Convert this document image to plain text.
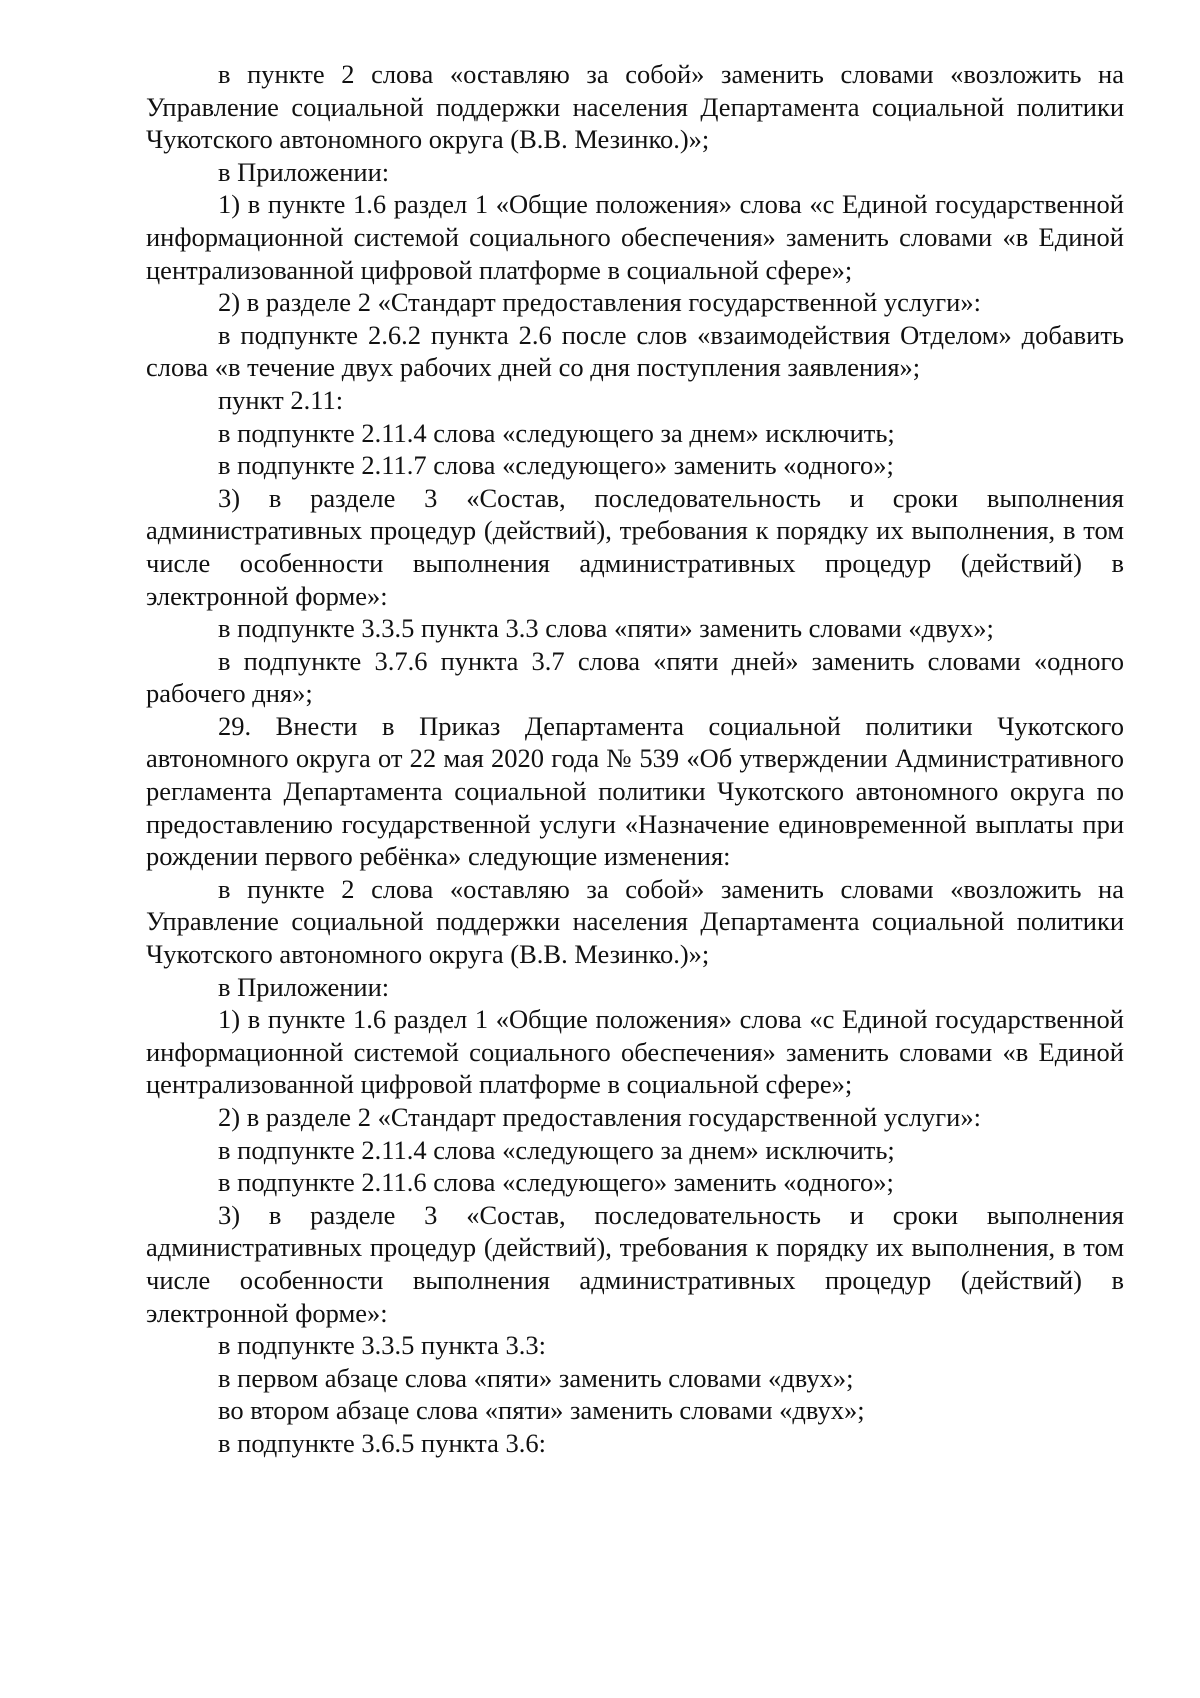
в пункте 2 слова «оставляю за собой» заменить словами «возложить на Управление социальной поддержки населения Департамента социальной политики Чукотского автономного округа (В.В. Мезинко.)»;

в Приложении:

1) в пункте 1.6 раздел 1 «Общие положения» слова «с Единой государственной информационной системой социального обеспечения» заменить словами «в Единой централизованной цифровой платформе в социальной сфере»;

2) в разделе 2 «Стандарт предоставления государственной услуги»:

в подпункте 2.6.2 пункта 2.6 после слов «взаимодействия Отделом» добавить слова «в течение двух рабочих дней со дня поступления заявления»;

пункт 2.11:

в подпункте 2.11.4 слова «следующего за днем» исключить;

в подпункте 2.11.7 слова «следующего» заменить «одного»;

3) в разделе 3 «Состав, последовательность и сроки выполнения административных процедур (действий), требования к порядку их выполнения, в том числе особенности выполнения административных процедур (действий) в электронной форме»:

в подпункте 3.3.5 пункта 3.3 слова «пяти» заменить словами «двух»;

в подпункте 3.7.6 пункта 3.7 слова «пяти дней» заменить словами «одного рабочего дня»;

29. Внести в Приказ Департамента социальной политики Чукотского автономного округа от 22 мая 2020 года № 539 «Об утверждении Административного регламента Департамента социальной политики Чукотского автономного округа по предоставлению государственной услуги «Назначение единовременной выплаты при рождении первого ребёнка» следующие изменения:

в пункте 2 слова «оставляю за собой» заменить словами «возложить на Управление социальной поддержки населения Департамента социальной политики Чукотского автономного округа (В.В. Мезинко.)»;

в Приложении:

1) в пункте 1.6 раздел 1 «Общие положения» слова «с Единой государственной информационной системой социального обеспечения» заменить словами «в Единой централизованной цифровой платформе в социальной сфере»;

2) в разделе 2 «Стандарт предоставления государственной услуги»:

в подпункте 2.11.4 слова «следующего за днем» исключить;

в подпункте 2.11.6 слова «следующего» заменить «одного»;

3) в разделе 3 «Состав, последовательность и сроки выполнения административных процедур (действий), требования к порядку их выполнения, в том числе особенности выполнения административных процедур (действий) в электронной форме»:

в подпункте 3.3.5 пункта 3.3:

в первом абзаце слова «пяти» заменить словами «двух»;

во втором абзаце слова «пяти» заменить словами «двух»;

в подпункте 3.6.5 пункта 3.6:
